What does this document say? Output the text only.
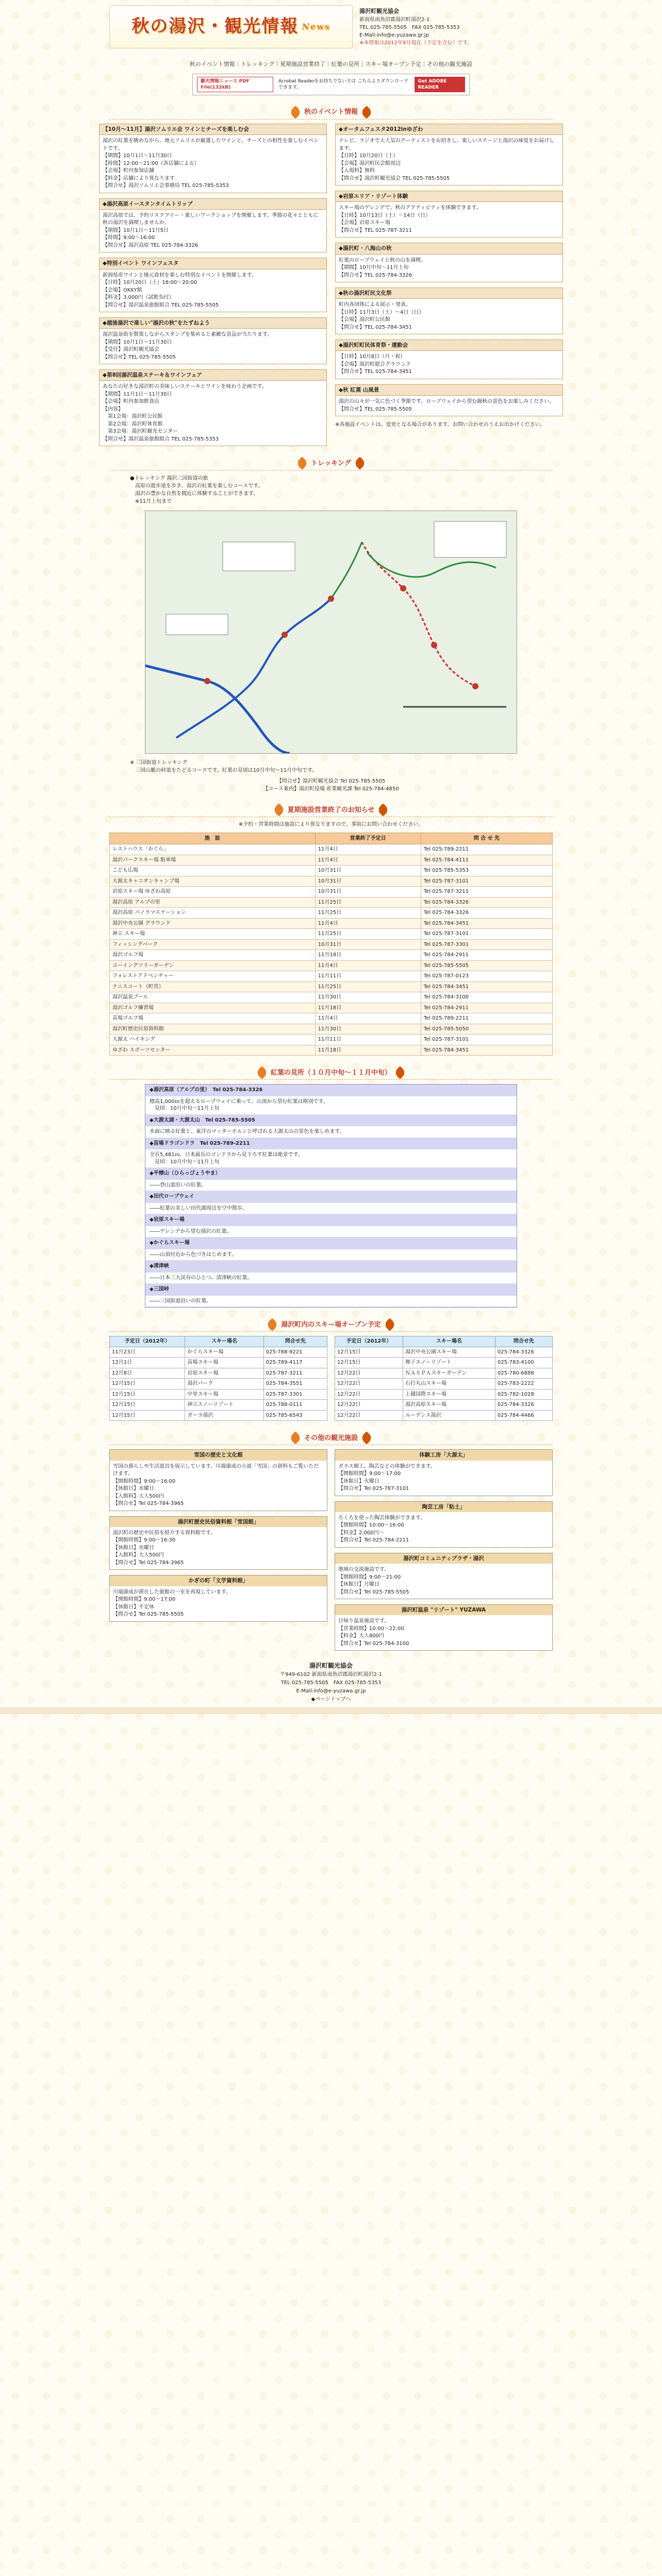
秋の湯沢・観光情報 News
湯沢町観光協会
新潟県南魚沼郡湯沢町湯沢2-1
TEL 025-785-5505　FAX 025-785-5353
E-Mail:info@e-yuzawa.gr.jp
※本情報は2012年9月現在（予定を含む）です。
秋のイベント情報｜トレッキング｜夏期施設営業終了｜紅葉の見所｜スキー場オープン予定｜その他の観光施設
観光情報ニュース PDF File(132kB)
Acrobat Readerをお持ちでない方は こちらよりダウンロードできます。
Get ADOBE READER
秋のイベント情報
【10月～11月】湯沢ソムリエ会 ワインとチーズを楽しむ会
湯沢の紅葉を眺めながら、地元ソムリエが厳選したワインと、チーズとの相性を楽しむイベントです。
【期間】10月1日～11月30日
【時間】12:00～21:00（各店舗による）
【会場】町内参加店舗
【料金】店舗により異なります
【問合せ】湯沢ソムリエ会事務局 TEL 025-785-5353
◆湯沢高原イースタンタイムトリップ
湯沢高原では、予約リスクフリー・楽しいワークショップを開催します。季節の花々とともに秋の湯沢を満喫しませんか。
【期間】10月1日～11月5日
【時間】9:00～16:00
【問合せ】湯沢高原 TEL 025-784-3326
◆特別イベント ワインフェスタ
新潟県産ワインと地元食材を楽しむ特別なイベントを開催します。
【日時】10月20日（土）16:00～20:00
【会場】OKKY館
【料金】3,000円（試飲券付）
【問合せ】湯沢温泉旅館組合 TEL 025-785-5505
◆越後湯沢で楽しい"湯沢の秋"をたずねよう
湯沢温泉街を散策しながらスタンプを集めると素敵な景品が当たります。
【期間】10月1日～11月30日
【受付】湯沢町観光協会
【問合せ】TEL 025-785-5505
◆第8回湯沢温泉ステーキ＆ワインフェア
あなたの好きな湯沢町の美味しいステーキとワインを味わう企画です。
【期間】11月1日～11月30日
【会場】町内参加飲食店
【内容】
　第1会場：湯沢町公民館
　第2会場：湯沢町体育館
　第3会場：湯沢町観光センター
【問合せ】湯沢温泉旅館組合 TEL 025-785-5353
◆オータムフェスタ2012inゆざわ
テレビ、ラジオで大人気のアーティストをお招きし、楽しいステージと湯沢の味覚をお届けします。
【日時】10月20日（土）
【会場】湯沢町民会館周辺
【入場料】無料
【問合せ】湯沢町観光協会 TEL 025-785-5505
◆岩原エリア・リゾート体験
スキー場のゲレンデで、秋のアクティビティを体験できます。
【日時】10月13日（土）～14日（日）
【会場】岩原スキー場
【問合せ】TEL 025-787-3211
◆湯沢町・八海山の秋
紅葉のロープウェイと秋の山を満喫。
【期間】10月中旬～11月上旬
【問合せ】TEL 025-784-3326
◆秋の湯沢町民文化祭
町内各団体による展示・発表。
【日時】11月3日（土）～4日（日）
【会場】湯沢町公民館
【問合せ】TEL 025-784-3451
◆湯沢町町民体育祭・運動会
【日時】10月8日（月・祝）
【会場】湯沢町総合グラウンド
【問合せ】TEL 025-784-3451
◆秋 紅葉 山風景
湯沢の山々が一気に色づく季節です。ロープウェイから望む錦秋の景色をお楽しみください。
【問合せ】TEL 025-785-5505
※各施設イベントは、変更となる場合があります。お問い合わせのうえお出かけください。
トレッキング
●トレッキング 湯沢三国街道の旅
　高原の遊歩道を歩き、湯沢の紅葉を楽しむコースです。
　湯沢の豊かな自然を間近に体験することができます。
　※11月上旬まで
※ 三国街道トレッキング
　三国山脈の峠道をたどるコースです。紅葉の見頃は10月中旬～11月中旬です。
【問合せ】湯沢町観光協会 Tel 025-785-5505
【コース案内】湯沢町役場 産業観光課 Tel 025-784-4850
夏期施設営業終了のお知らせ
※予約・営業時間は施設により異なりますので、事前にお問い合わせください。
施　設	営業終了予定日	問 合 せ 先
レストハウス「かぐら」	11月4日	Tel 025-789-2211
湯沢パークスキー場 駐車場	11月4日	Tel 025-784-4111
こども広場	10月31日	Tel 025-785-5353
大源太キャニオンキャンプ場	10月31日	Tel 025-787-3101
岩原スキー場 ゆざわ高原	10月31日	Tel 025-787-3211
湯沢高原 アルプの里	11月25日	Tel 025-784-3326
湯沢高原 パノラマステーション	11月25日	Tel 025-784-3326
湯沢中央公園 グラウンド	11月4日	Tel 025-784-3451
神立 スキー場	11月25日	Tel 025-787-3101
フィッシングパーク	10月31日	Tel 025-787-3301
湯沢ゴルフ場	11月18日	Tel 025-784-2911
ユーイングツリーガーデン	11月4日	Tel 025-785-5505
フォレストアドベンチャー	11月11日	Tel 025-787-0123
テニスコート（町営）	11月25日	Tel 025-784-3451
湯沢温泉プール	11月30日	Tel 025-784-3100
湯沢ゴルフ練習場	11月18日	Tel 025-784-2911
苗場ゴルフ場	11月4日	Tel 025-789-2211
湯沢町歴史民俗資料館	11月30日	Tel 025-785-5050
大源太 ハイキング	11月11日	Tel 025-787-3101
ゆざわ スポーツセンター	11月18日	Tel 025-784-3451
紅葉の見所（１０月中旬～１１月中旬）
◆湯沢高原（アルプの里）　Tel 025-784-3326
標高1,000ｍを超えるロープウェイに乗って、山頂から望む紅葉は格別です。
　見頃：10月中旬～11月上旬
◆大源太湖・大源太山　Tel 025-785-5505
水面に映る紅葉と、東洋のマッターホルンと呼ばれる大源太山の景色を楽しめます。
◆苗場ドラゴンドラ　Tel 025-789-2211
全長5,481ｍ、日本最長のゴンドラから見下ろす紅葉は絶景です。
　見頃：10月中旬～11月上旬
◆平標山（ひらっぴょうやま）
――登山道沿いの紅葉。
◆田代ロープウェイ
――紅葉の美しい田代湖周辺を空中散歩。
◆岩原スキー場
――ゲレンデから望む湯沢の紅葉。
◆かぐらスキー場
――山頂付近から色づきはじめます。
◆清津峡
――日本三大渓谷のひとつ、清津峡の紅葉。
◆三国峠
――三国街道沿いの紅葉。
湯沢町内のスキー場オープン予定
予定日（2012年）	スキー場名	問合せ先
11月23日	かぐらスキー場	025-788-9221
12月1日	苗場スキー場	025-789-4117
12月8日	岩原スキー場	025-787-3211
12月15日	湯沢パーク	025-784-3551
12月15日	中里スキー場	025-787-3301
12月15日	神立スノーリゾート	025-788-0111
12月15日	ガーラ湯沢	025-785-6543
予定日（2012年）	スキー場名	問合せ先
12月15日	湯沢中央公園スキー場	025-784-3326
12月15日	舞子スノーリゾート	025-783-4100
12月22日	ＮＡＳＰＡスキーガーデン	025-780-6888
12月22日	石打丸山スキー場	025-783-2222
12月22日	上越国際スキー場	025-782-1028
12月22日	湯沢高原スキー場	025-784-3326
12月22日	ルーデンス湯沢	025-784-4466
その他の観光施設
雪国の歴史と文化館
雪国の暮らしや生活道具を展示しています。川端康成の小説「雪国」の資料もご覧いただけます。
【開館時間】9:00～16:00
【休館日】水曜日
【入館料】大人500円
【問合せ】Tel 025-784-3965
湯沢町歴史民俗資料館「雪国館」
湯沢町の歴史や民俗を紹介する資料館です。
【開館時間】9:00～16:30
【休館日】水曜日
【入館料】大人500円
【問合せ】Tel 025-784-3965
かぎの町「文学資料館」
川端康成が滞在した旅館の一室を再現しています。
【開館時間】9:00～17:00
【休館日】不定休
【問合せ】Tel 025-785-5505
体験工房「大源太」
ガラス細工、陶芸などの体験ができます。
【開館時間】9:00～17:00
【休館日】火曜日
【問合せ】Tel 025-787-3101
陶芸工房「粘土」
ろくろを使った陶芸体験ができます。
【開館時間】10:00～16:00
【料金】2,000円～
【問合せ】Tel 025-784-2211
湯沢町コミュニティプラザ・湯沢
地域の交流施設です。
【開館時間】9:00～21:00
【休館日】月曜日
【問合せ】Tel 025-785-5505
湯沢町温泉 "リゾート" YUZAWA
日帰り温泉施設です。
【営業時間】10:00～22:00
【料金】大人800円
【問合せ】Tel 025-784-3100
湯沢町観光協会
〒949-6102 新潟県南魚沼郡湯沢町湯沢2-1
TEL 025-785-5505　FAX 025-785-5353
E-Mail:info@e-yuzawa.gr.jp
◆ページトップへ
